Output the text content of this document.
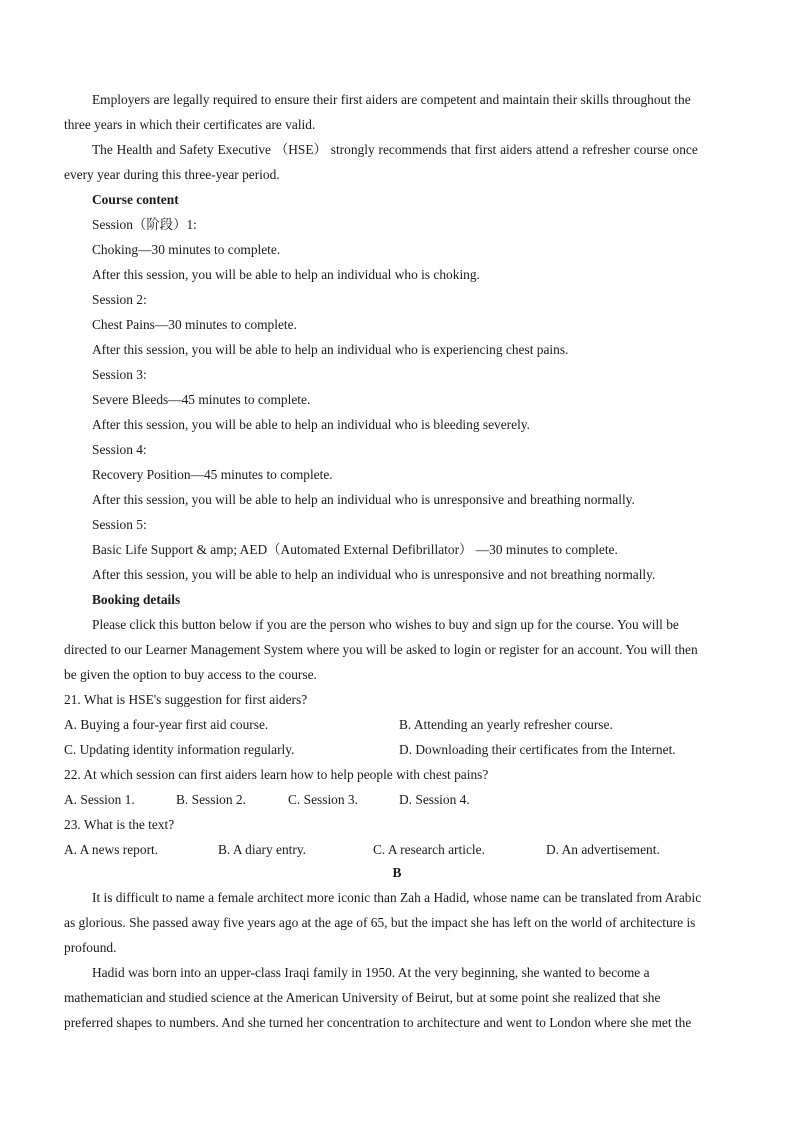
Employers are legally required to ensure their first aiders are competent and maintain their skills throughout the

three years in which their certificates are valid.

The Health and Safety Executive （HSE） strongly recommends that first aiders attend a refresher course once

every year during this three-year period.

Course content

Session（阶段）1:

Choking—30 minutes to complete.

After this session, you will be able to help an individual who is choking.

Session 2:

Chest Pains—30 minutes to complete.

After this session, you will be able to help an individual who is experiencing chest pains.

Session 3:

Severe Bleeds—45 minutes to complete.

After this session, you will be able to help an individual who is bleeding severely.

Session 4:

Recovery Position—45 minutes to complete.

After this session, you will be able to help an individual who is unresponsive and breathing normally.

Session 5:

Basic Life Support & amp; AED（Automated External Defibrillator） —30 minutes to complete.

After this session, you will be able to help an individual who is unresponsive and not breathing normally.

Booking details

Please click this button below if you are the person who wishes to buy and sign up for the course. You will be

directed to our Learner Management System where you will be asked to login or register for an account. You will then

be given the option to buy access to the course.

21. What is HSE's suggestion for first aiders?

A. Buying a four-year first aid course.	B. Attending an yearly refresher course.
C. Updating identity information regularly.	D. Downloading their certificates from the Internet.

22. At which session can first aiders learn how to help people with chest pains?

A. Session 1.	B. Session 2.	C. Session 3.	D. Session 4.

23. What is the text?

A. A news report.	B. A diary entry.	C. A research article.	D. An advertisement.

B

It is difficult to name a female architect more iconic than Zah a Hadid, whose name can be translated from Arabic

as glorious. She passed away five years ago at the age of 65, but the impact she has left on the world of architecture is

profound.

Hadid was born into an upper-class Iraqi family in 1950. At the very beginning, she wanted to become a

mathematician and studied science at the American University of Beirut, but at some point she realized that she

preferred shapes to numbers. And she turned her concentration to architecture and went to London where she met the
